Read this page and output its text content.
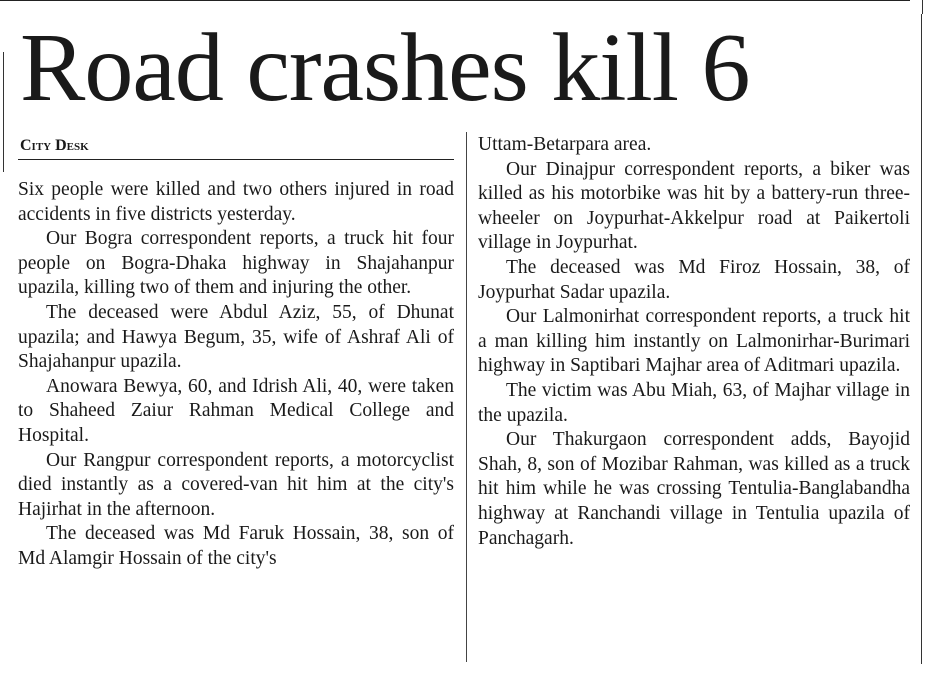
Road crashes kill 6
City Desk

Six people were killed and two others injured in road accidents in five districts yesterday.

Our Bogra correspondent reports, a truck hit four people on Bogra-Dhaka highway in Shajahanpur upazila, killing two of them and injuring the other.

The deceased were Abdul Aziz, 55, of Dhunat upazila; and Hawya Begum, 35, wife of Ashraf Ali of Shajahanpur upazila.

Anowara Bewya, 60, and Idrish Ali, 40, were taken to Shaheed Zaiur Rahman Medical College and Hospital.

Our Rangpur correspondent reports, a motorcyclist died instantly as a covered-van hit him at the city's Hajirhat in the afternoon.

The deceased was Md Faruk Hossain, 38, son of Md Alamgir Hossain of the city's

Uttam-Betarpara area.

Our Dinajpur correspondent reports, a biker was killed as his motorbike was hit by a battery-run three-wheeler on Joypurhat-Akkelpur road at Paikertoli village in Joypurhat.

The deceased was Md Firoz Hossain, 38, of Joypurhat Sadar upazila.

Our Lalmonirhat correspondent reports, a truck hit a man killing him instantly on Lalmonirhar-Burimari highway in Saptibari Majhar area of Aditmari upazila.

The victim was Abu Miah, 63, of Majhar village in the upazila.

Our Thakurgaon correspondent adds, Bayojid Shah, 8, son of Mozibar Rahman, was killed as a truck hit him while he was crossing Tentulia-Banglabandha highway at Ranchandi village in Tentulia upazila of Panchagarh.
